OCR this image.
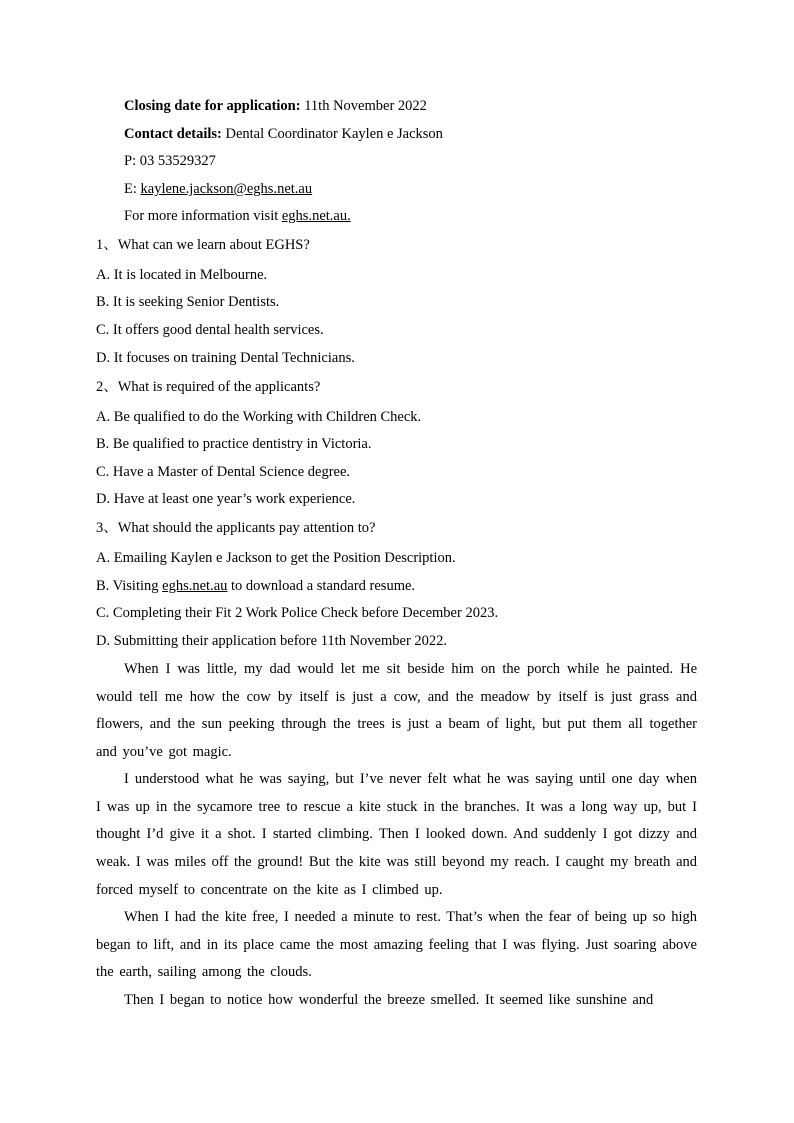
Closing date for application: 11th November 2022
Contact details: Dental Coordinator Kaylen e Jackson
P: 03 53529327
E: kaylene.jackson@eghs.net.au
For more information visit eghs.net.au.
1、What can we learn about EGHS?
A. It is located in Melbourne.
B. It is seeking Senior Dentists.
C. It offers good dental health services.
D. It focuses on training Dental Technicians.
2、What is required of the applicants?
A. Be qualified to do the Working with Children Check.
B. Be qualified to practice dentistry in Victoria.
C. Have a Master of Dental Science degree.
D. Have at least one year’s work experience.
3、What should the applicants pay attention to?
A. Emailing Kaylen e Jackson to get the Position Description.
B. Visiting eghs.net.au to download a standard resume.
C. Completing their Fit 2 Work Police Check before December 2023.
D. Submitting their application before 11th November 2022.
When I was little, my dad would let me sit beside him on the porch while he painted. He would tell me how the cow by itself is just a cow, and the meadow by itself is just grass and flowers, and the sun peeking through the trees is just a beam of light, but put them all together and you’ve got magic.
I understood what he was saying, but I’ve never felt what he was saying until one day when I was up in the sycamore tree to rescue a kite stuck in the branches. It was a long way up, but I thought I’d give it a shot. I started climbing. Then I looked down. And suddenly I got dizzy and weak. I was miles off the ground! But the kite was still beyond my reach. I caught my breath and forced myself to concentrate on the kite as I climbed up.
When I had the kite free, I needed a minute to rest. That’s when the fear of being up so high began to lift, and in its place came the most amazing feeling that I was flying. Just soaring above the earth, sailing among the clouds.
Then I began to notice how wonderful the breeze smelled. It seemed like sunshine and
